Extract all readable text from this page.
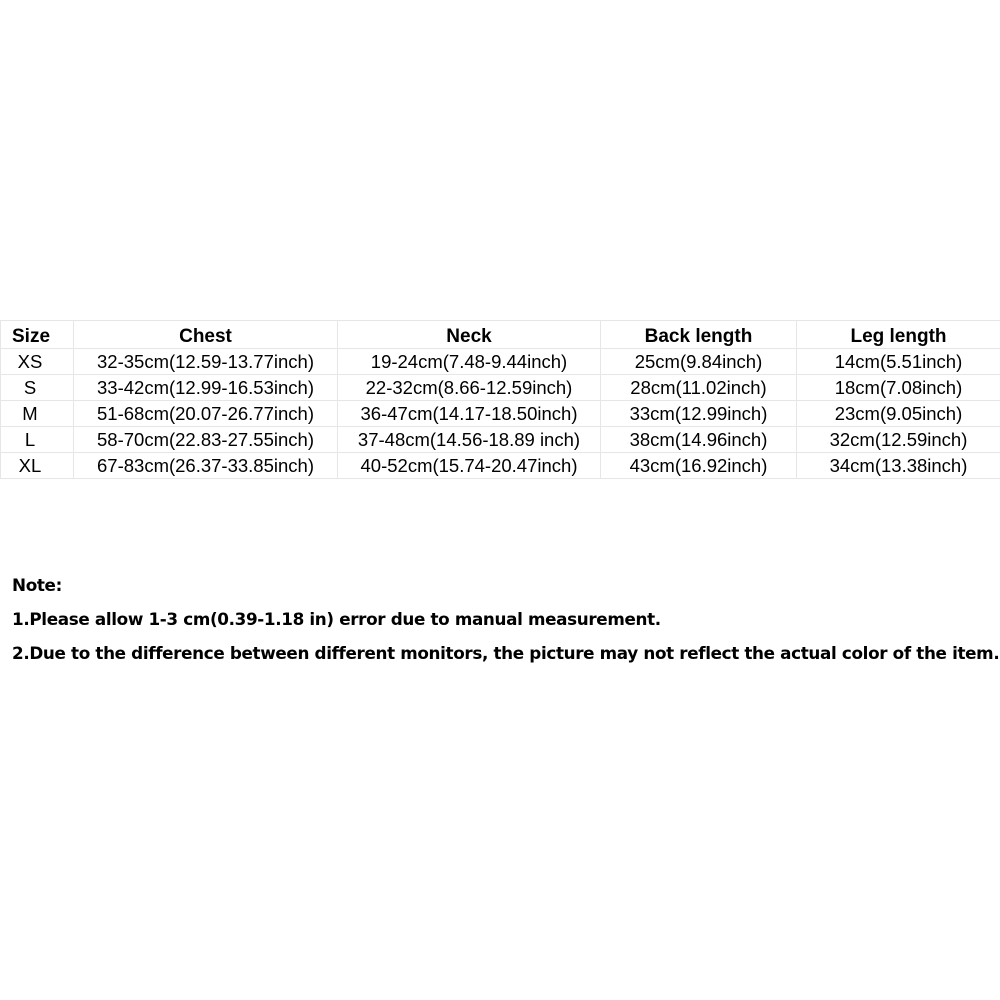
Size	Chest	Neck	Back length	Leg length
XS	32-35cm(12.59-13.77inch)	19-24cm(7.48-9.44inch)	25cm(9.84inch)	14cm(5.51inch)
S	33-42cm(12.99-16.53inch)	22-32cm(8.66-12.59inch)	28cm(11.02inch)	18cm(7.08inch)
M	51-68cm(20.07-26.77inch)	36-47cm(14.17-18.50inch)	33cm(12.99inch)	23cm(9.05inch)
L	58-70cm(22.83-27.55inch)	37-48cm(14.56-18.89 inch)	38cm(14.96inch)	32cm(12.59inch)
XL	67-83cm(26.37-33.85inch)	40-52cm(15.74-20.47inch)	43cm(16.92inch)	34cm(13.38inch)
Note:
1.Please allow 1-3 cm(0.39-1.18 in) error due to manual measurement.
2.Due to the difference between different monitors, the picture may not reflect the actual color of the item.
